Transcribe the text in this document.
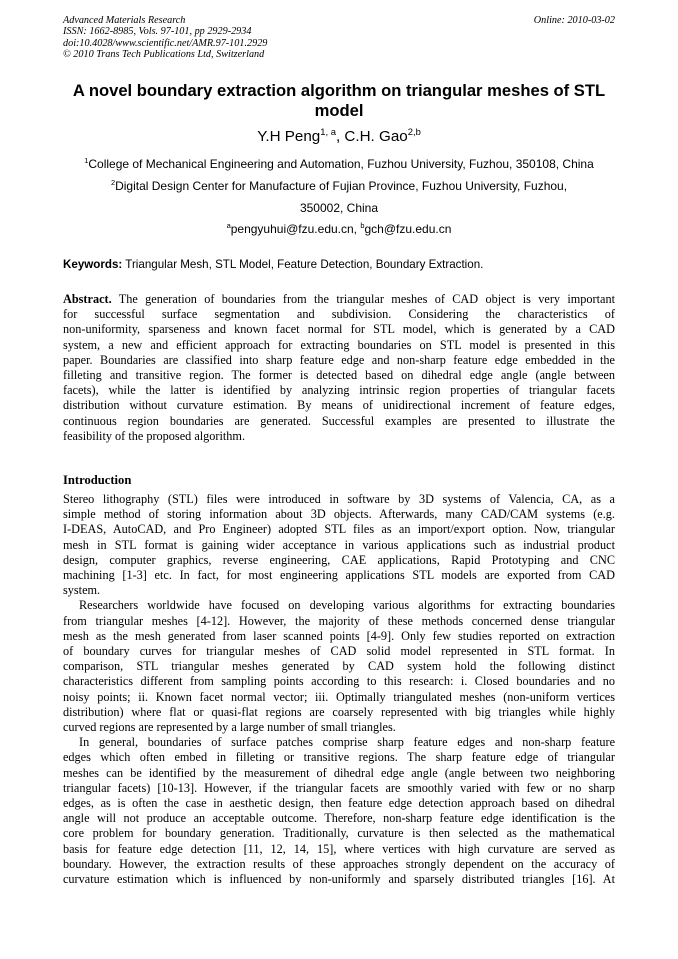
Advanced Materials Research
ISSN: 1662-8985, Vols. 97-101, pp 2929-2934
doi:10.4028/www.scientific.net/AMR.97-101.2929
© 2010 Trans Tech Publications Ltd, Switzerland
Online: 2010-03-02
A novel boundary extraction algorithm on triangular meshes of STL
model
Y.H Peng$^{1, a}$, C.H. Gao$^{2,b}$
$^1$College of Mechanical Engineering and Automation, Fuzhou University, Fuzhou, 350108, China
$^2$Digital Design Center for Manufacture of Fujian Province, Fuzhou University, Fuzhou,
350002, China
$^a$pengyuhui@fzu.edu.cn, $^b$gch@fzu.edu.cn
Keywords: Triangular Mesh, STL Model, Feature Detection, Boundary Extraction.
Abstract. The generation of boundaries from the triangular meshes of CAD object is very important
for successful surface segmentation and subdivision. Considering the characteristics of
non-uniformity, sparseness and known facet normal for STL model, which is generated by a CAD
system, a new and efficient approach for extracting boundaries on STL model is presented in this
paper. Boundaries are classified into sharp feature edge and non-sharp feature edge embedded in the
filleting and transitive region. The former is detected based on dihedral edge angle (angle between
facets), while the latter is identified by analyzing intrinsic region properties of triangular facets
distribution without curvature estimation. By means of unidirectional increment of feature edges,
continuous region boundaries are generated. Successful examples are presented to illustrate the
feasibility of the proposed algorithm.
Introduction
Stereo lithography (STL) files were introduced in software by 3D systems of Valencia, CA, as a
simple method of storing information about 3D objects. Afterwards, many CAD/CAM systems (e.g.
I-DEAS, AutoCAD, and Pro Engineer) adopted STL files as an import/export option. Now, triangular
mesh in STL format is gaining wider acceptance in various applications such as industrial product
design, computer graphics, reverse engineering, CAE applications, Rapid Prototyping and CNC
machining [1-3] etc. In fact, for most engineering applications STL models are exported from CAD
system.
Researchers worldwide have focused on developing various algorithms for extracting boundaries
from triangular meshes [4-12]. However, the majority of these methods concerned dense triangular
mesh as the mesh generated from laser scanned points [4-9]. Only few studies reported on extraction
of boundary curves for triangular meshes of CAD solid model represented in STL format. In
comparison, STL triangular meshes generated by CAD system hold the following distinct
characteristics different from sampling points according to this research: i. Closed boundaries and no
noisy points; ii. Known facet normal vector; iii. Optimally triangulated meshes (non-uniform vertices
distribution) where flat or quasi-flat regions are coarsely represented with big triangles while highly
curved regions are represented by a large number of small triangles.
In general, boundaries of surface patches comprise sharp feature edges and non-sharp feature
edges which often embed in filleting or transitive regions. The sharp feature edge of triangular
meshes can be identified by the measurement of dihedral edge angle (angle between two neighboring
triangular facets) [10-13]. However, if the triangular facets are smoothly varied with few or no sharp
edges, as is often the case in aesthetic design, then feature edge detection approach based on dihedral
angle will not produce an acceptable outcome. Therefore, non-sharp feature edge identification is the
core problem for boundary generation. Traditionally, curvature is then selected as the mathematical
basis for feature edge detection [11, 12, 14, 15], where vertices with high curvature are served as
boundary. However, the extraction results of these approaches strongly dependent on the accuracy of
curvature estimation which is influenced by non-uniformly and sparsely distributed triangles [16]. At
